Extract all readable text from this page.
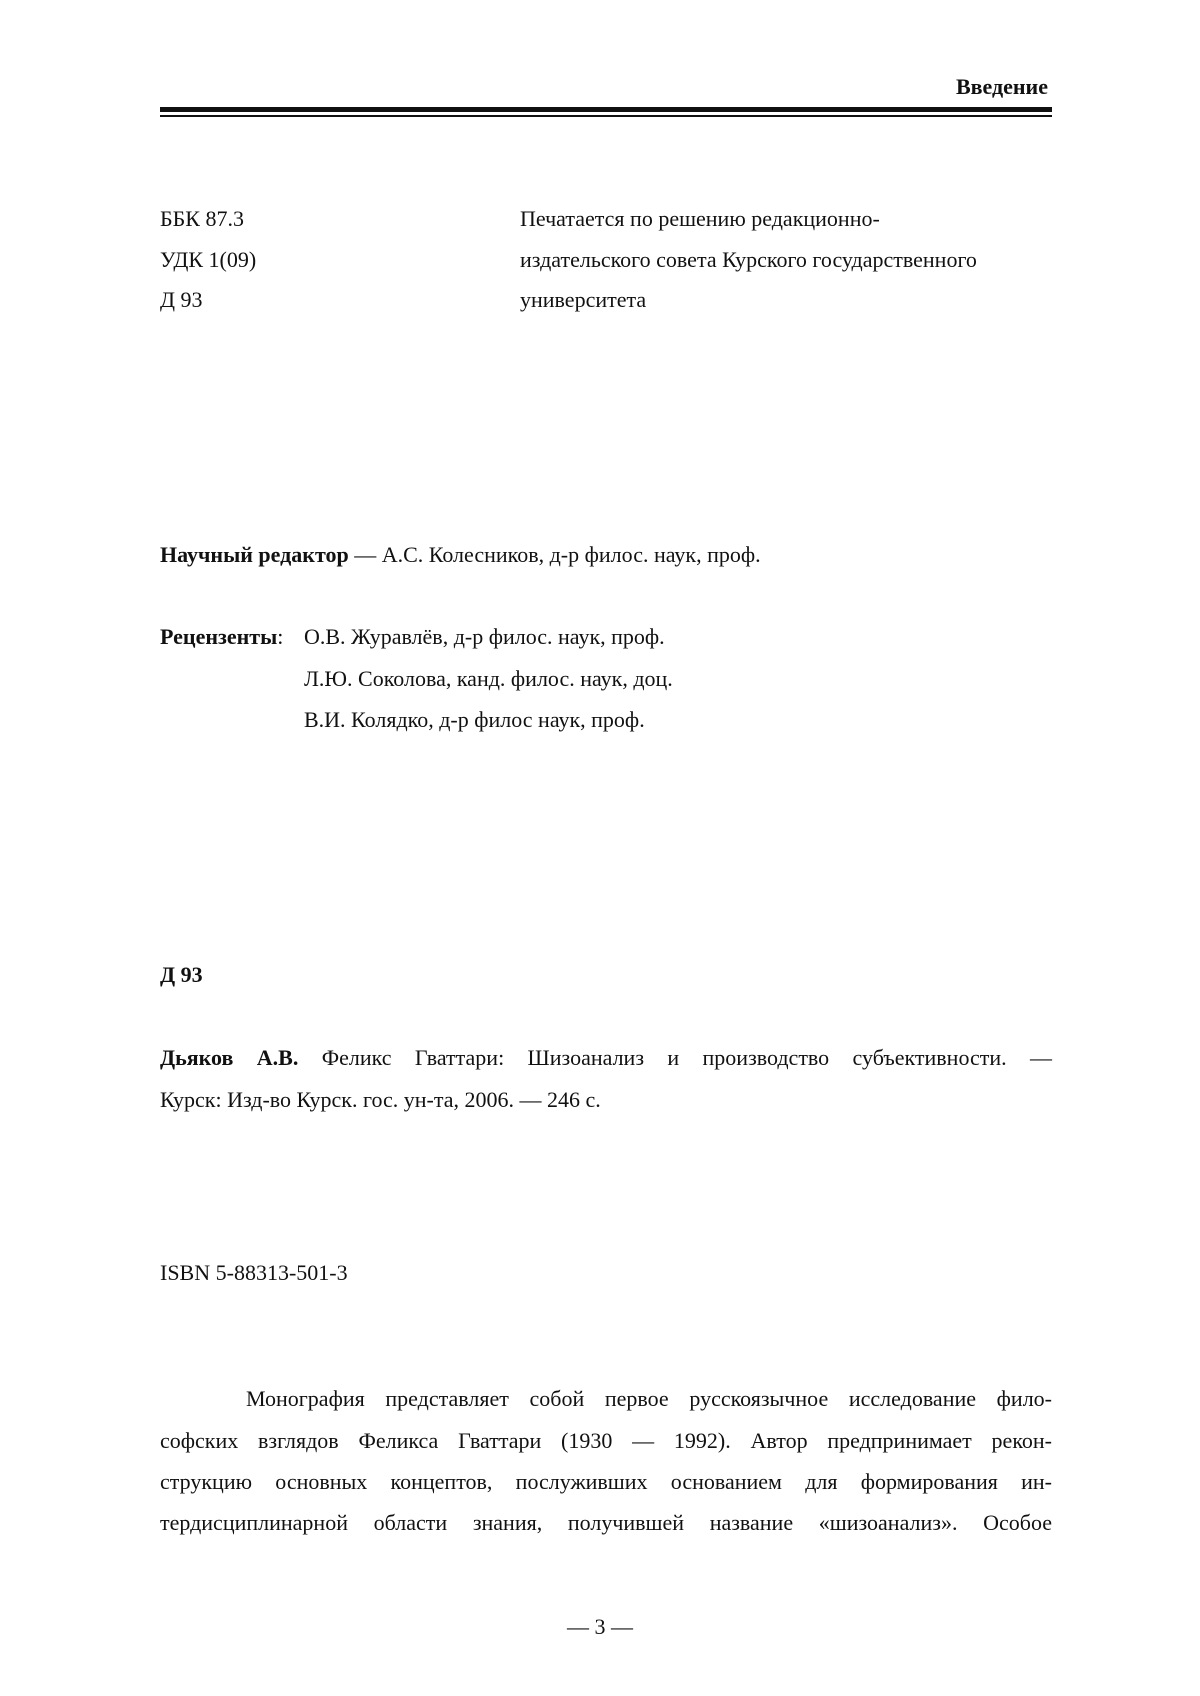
Введение
ББК 87.3
УДК 1(09)
Д 93
Печатается по решению редакционно-
издательского совета Курского государственного
университета
Научный редактор — А.С. Колесников, д-р филос. наук, проф.
Рецензенты: О.В. Журавлёв, д-р филос. наук, проф.
Л.Ю. Соколова, канд. филос. наук, доц.
В.И. Колядко, д-р филос наук, проф.
Д 93
Дьяков А.В. Феликс Гваттари: Шизоанализ и производство субъективности. —
Курск: Изд-во Курск. гос. ун-та, 2006. — 246 с.
ISBN 5-88313-501-3
Монография представляет собой первое русскоязычное исследование фило-
софских взглядов Феликса Гваттари (1930 — 1992). Автор предпринимает рекон-
струкцию основных концептов, послуживших основанием для формирования ин-
тердисциплинарной области знания, получившей название «шизоанализ». Особое
— 3 —
